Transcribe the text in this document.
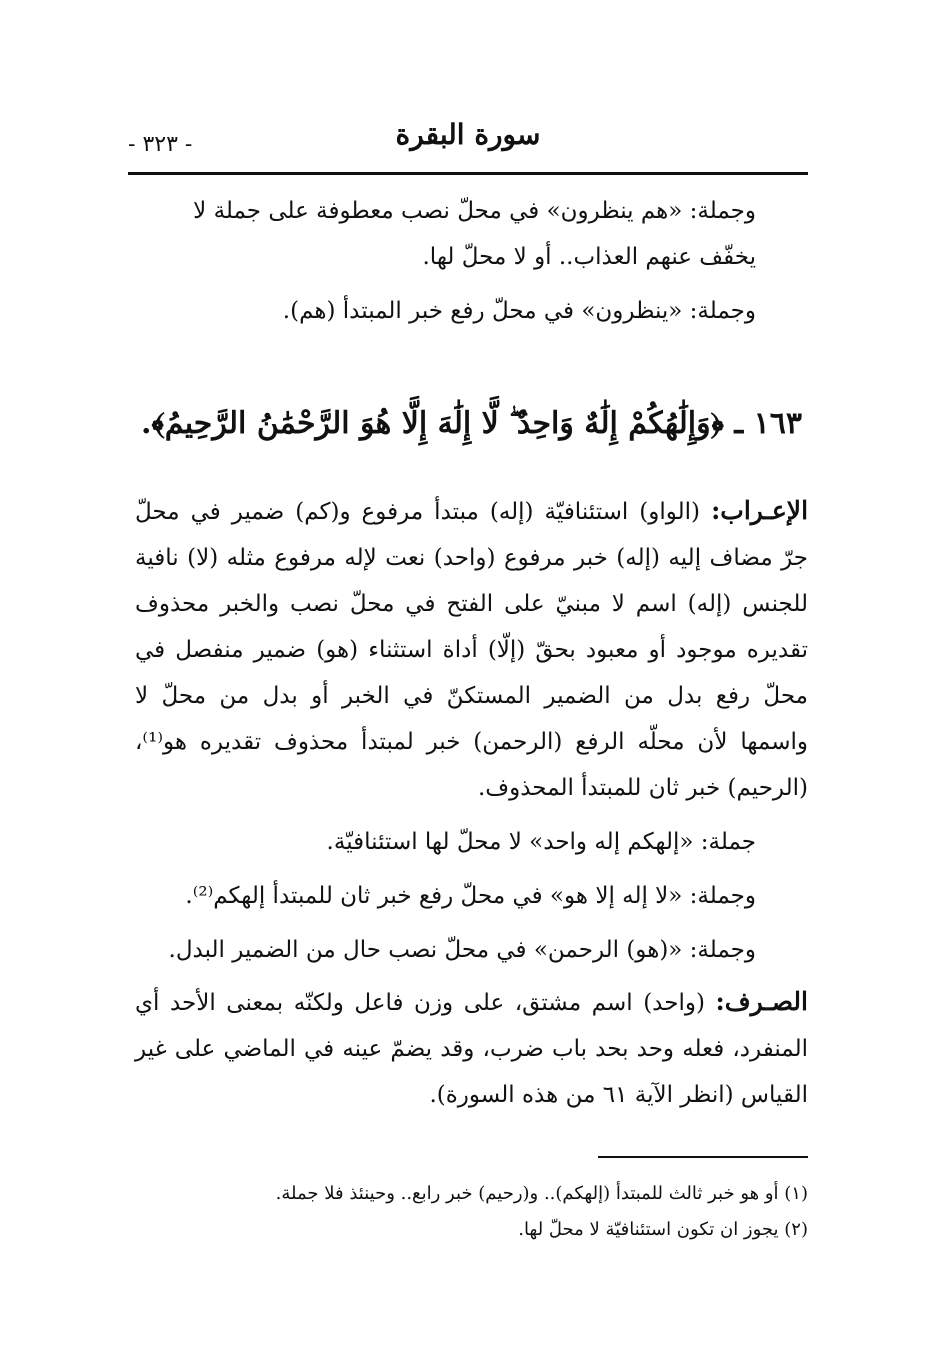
سورة البقرة
- ٣٢٣ -

وجملة: «هم ينظرون» في محلّ نصب معطوفة على جملة لا يخفّف عنهم العذاب.. أو لا محلّ لها.

وجملة: «ينظرون» في محلّ رفع خبر المبتدأ (هم).

١٦٣ ـ ﴿وَإِلَٰهُكُمْ إِلَٰهٌ وَاحِدٌ ۖ لَّا إِلَٰهَ إِلَّا هُوَ الرَّحْمَٰنُ الرَّحِيمُ﴾.

الإعـراب: (الواو) استئنافيّة (إله) مبتدأ مرفوع و(كم) ضمير في محلّ جرّ مضاف إليه (إله) خبر مرفوع (واحد) نعت لإله مرفوع مثله (لا) نافية للجنس (إله) اسم لا مبنيّ على الفتح في محلّ نصب والخبر محذوف تقديره موجود أو معبود بحقّ (إلّا) أداة استثناء (هو) ضمير منفصل في محلّ رفع بدل من الضمير المستكنّ في الخبر أو بدل من محلّ لا واسمها لأن محلّه الرفع (الرحمن) خبر لمبتدأ محذوف تقديره هو⁽¹⁾، (الرحيم) خبر ثان للمبتدأ المحذوف.

جملة: «إلهكم إله واحد» لا محلّ لها استئنافيّة.

وجملة: «لا إله إلا هو» في محلّ رفع خبر ثان للمبتدأ إلهكم⁽²⁾.

وجملة: «(هو) الرحمن» في محلّ نصب حال من الضمير البدل.

الصـرف: (واحد) اسم مشتق، على وزن فاعل ولكنّه بمعنى الأحد أي المنفرد، فعله وحد بحد باب ضرب، وقد يضمّ عينه في الماضي على غير القياس (انظر الآية ٦١ من هذه السورة).

(١) أو هو خبر ثالث للمبتدأ (إلهكم).. و(رحيم) خبر رابع.. وحينئذ فلا جملة.
(٢) يجوز ان تكون استئنافيّة لا محلّ لها.
